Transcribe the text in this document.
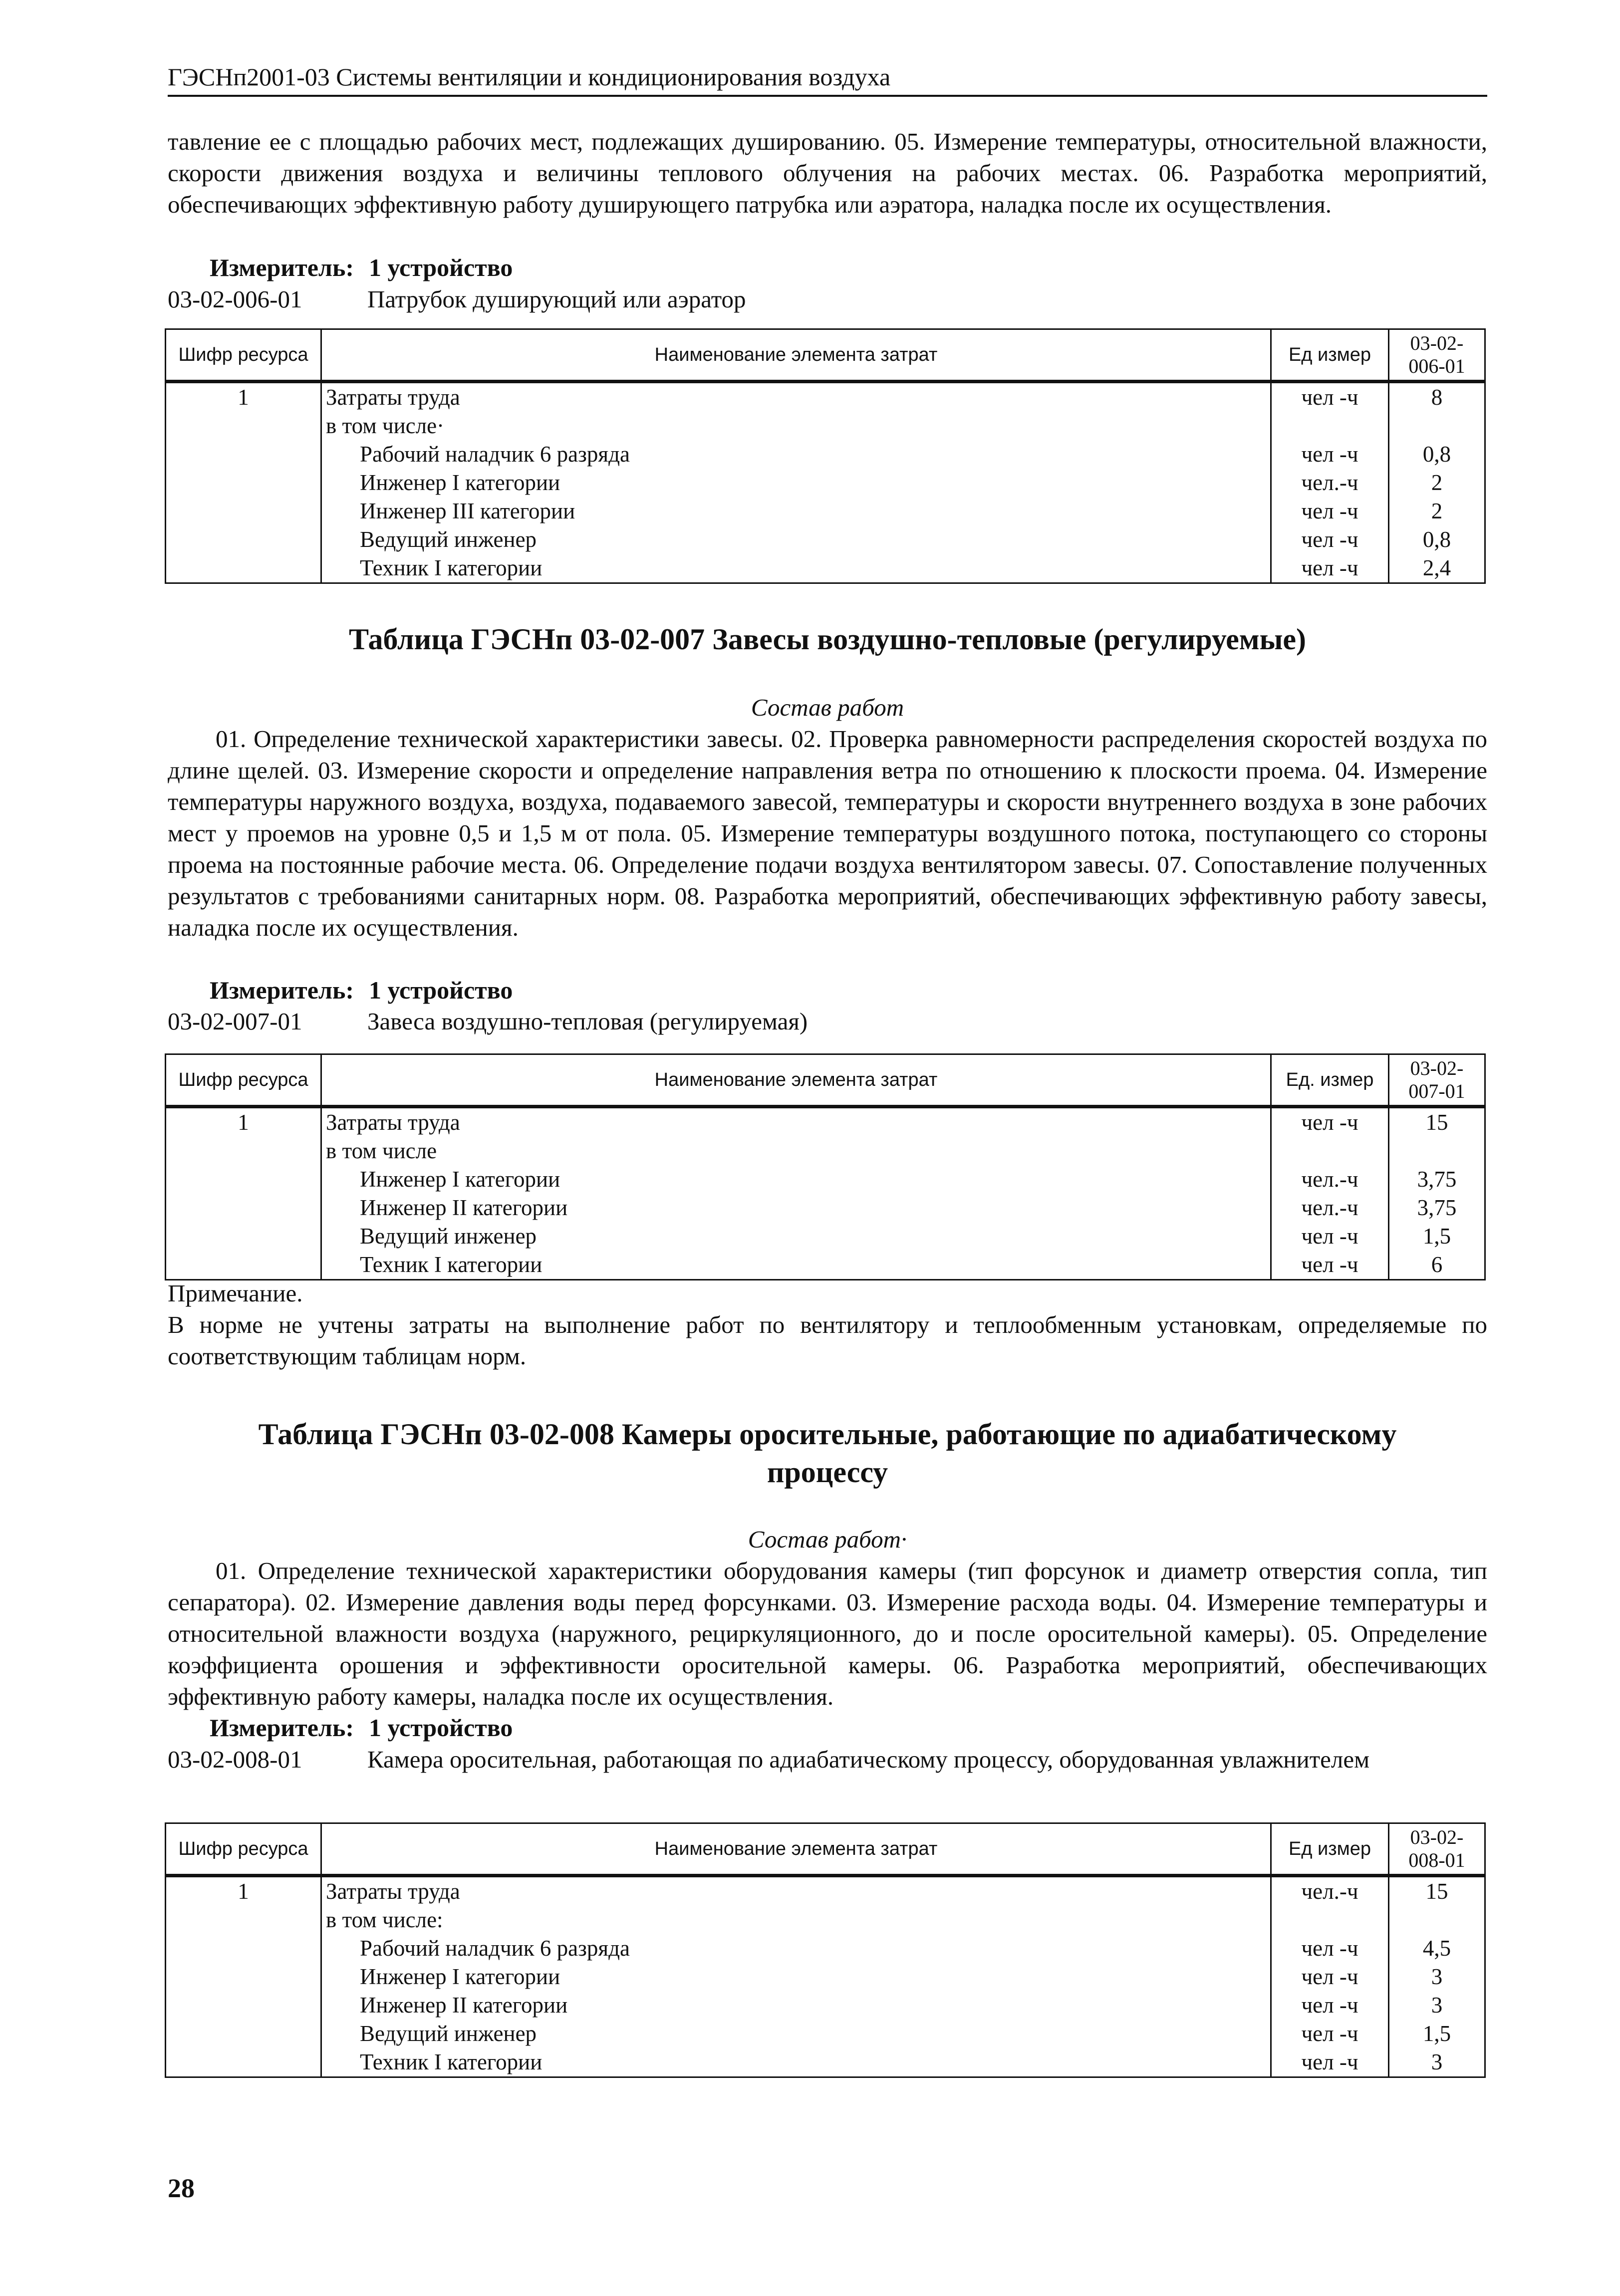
ГЭСНп2001-03 Системы вентиляции и кондиционирования воздуха

тавление ее с площадью рабочих мест, подлежащих душированию. 05. Измерение температуры, относительной влажности, скорости движения воздуха и величины теплового облучения на рабочих местах. 06. Разработка мероприятий, обеспечивающих эффективную работу душирующего патрубка или аэратора, наладка после их осуществления.

Измеритель: 1 устройство
03-02-006-01	Патрубок душирующий или аэратор
Шифр ресурса	Наименование элемента затрат	Ед измер	03-02-
006-01
1	Затраты труда	чел -ч	8
	в том числе·		
	Рабочий наладчик 6 разряда	чел -ч	0,8
	Инженер I категории	чел.-ч	2
	Инженер III категории	чел -ч	2
	Ведущий инженер	чел -ч	0,8
	Техник I категории	чел -ч	2,4
Таблица ГЭСНп 03-02-007 Завесы воздушно-тепловые (регулируемые)
Состав работ

01. Определение технической характеристики завесы. 02. Проверка равномерности распределения скоростей воздуха по длине щелей. 03. Измерение скорости и определение направления ветра по отношению к плоскости проема. 04. Измерение температуры наружного воздуха, воздуха, подаваемого завесой, температуры и скорости внутреннего воздуха в зоне рабочих мест у проемов на уровне 0,5 и 1,5 м от пола. 05. Измерение температуры воздушного потока, поступающего со стороны проема на постоянные рабочие места. 06. Определение подачи воздуха вентилятором завесы. 07. Сопоставление полученных результатов с требованиями санитарных норм. 08. Разработка мероприятий, обеспечивающих эффективную работу завесы, наладка после их осуществления.

Измеритель: 1 устройство
03-02-007-01	Завеса воздушно-тепловая (регулируемая)
Шифр ресурса	Наименование элемента затрат	Ед. измер	03-02-
007-01
1	Затраты труда	чел -ч	15
	в том числе		
	Инженер I категории	чел.-ч	3,75
	Инженер II категории	чел.-ч	3,75
	Ведущий инженер	чел -ч	1,5
	Техник I категории	чел -ч	6
Примечание.

В норме не учтены затраты на выполнение работ по вентилятору и теплообменным установкам, определяемые по соответствующим таблицам норм.

Таблица ГЭСНп 03-02-008 Камеры оросительные, работающие по адиабатическому
процессу
Состав работ·

01. Определение технической характеристики оборудования камеры (тип форсунок и диаметр отверстия сопла, тип сепаратора). 02. Измерение давления воды перед форсунками. 03. Измерение расхода воды. 04. Измерение температуры и относительной влажности воздуха (наружного, рециркуляционного, до и после оросительной камеры). 05. Определение коэффициента орошения и эффективности оросительной камеры. 06. Разработка мероприятий, обеспечивающих эффективную работу камеры, наладка после их осуществления.

Измеритель: 1 устройство
03-02-008-01	Камера оросительная, работающая по адиабатическому процессу, оборудованная увлажнителем
Шифр ресурса	Наименование элемента затрат	Ед измер	03-02-
008-01
1	Затраты труда	чел.-ч	15
	в том числе:		
	Рабочий наладчик 6 разряда	чел -ч	4,5
	Инженер I категории	чел -ч	3
	Инженер II категории	чел -ч	3
	Ведущий инженер	чел -ч	1,5
	Техник I категории	чел -ч	3
28
